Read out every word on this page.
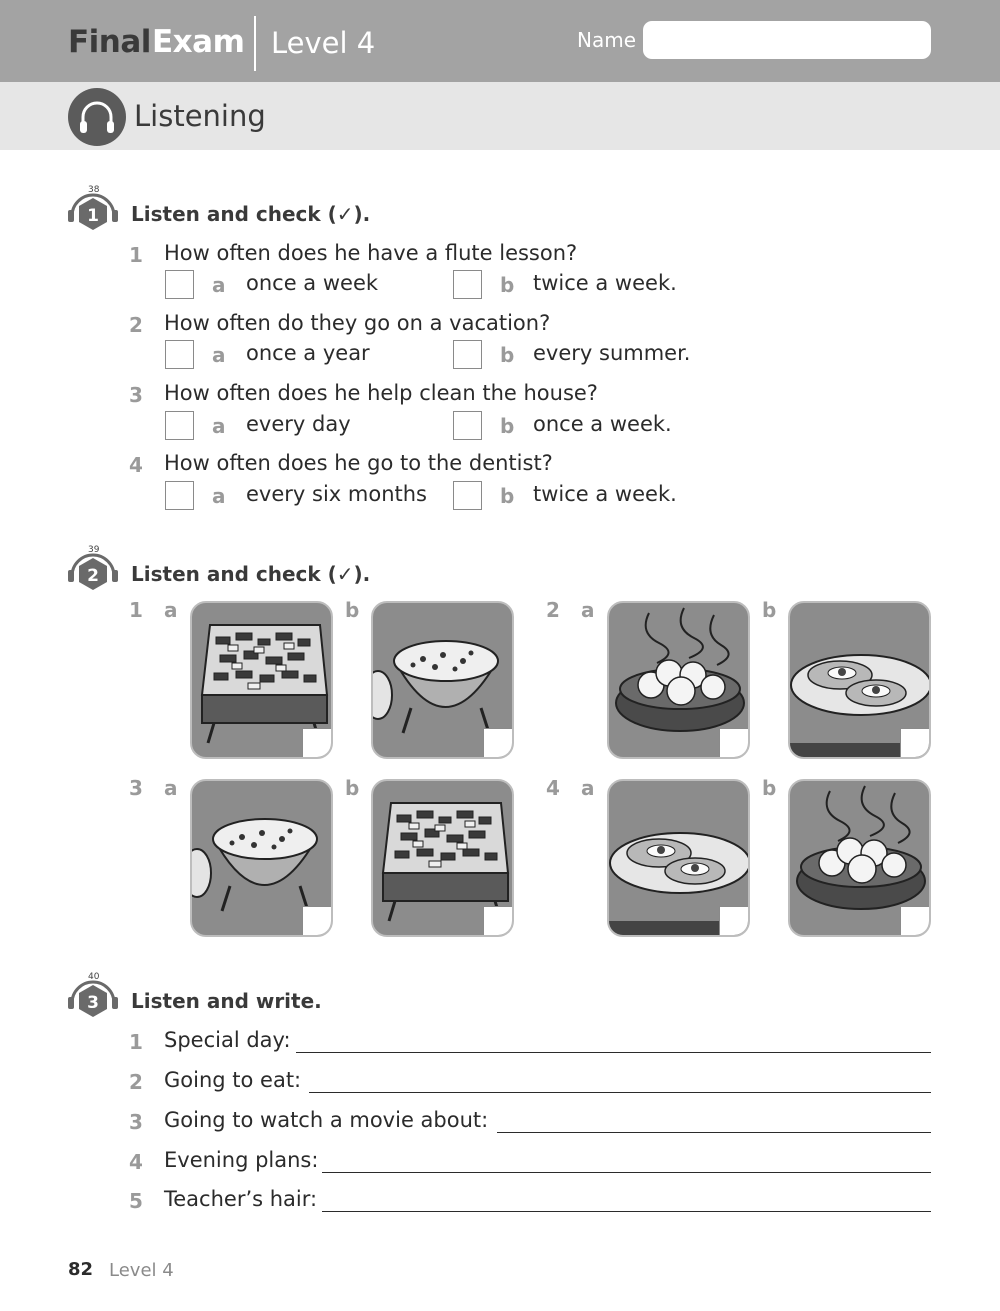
Final Exam Level 4	Name
Listening
38
1 Listen and check (✓).
1 How often does he have a flute lesson?
a once a week	b twice a week.
2 How often do they go on a vacation?
a once a year	b every summer.
3 How often does he help clean the house?
a every day	b once a week.
4 How often does he go to the dentist?
a every six months	b twice a week.
39
2 Listen and check (✓).
1 a	b	2 a	b
3 a	b	4 a	b
40
3 Listen and write.
1 Special day:
2 Going to eat:
3 Going to watch a movie about:
4 Evening plans:
5 Teacher’s hair:
82 Level 4
